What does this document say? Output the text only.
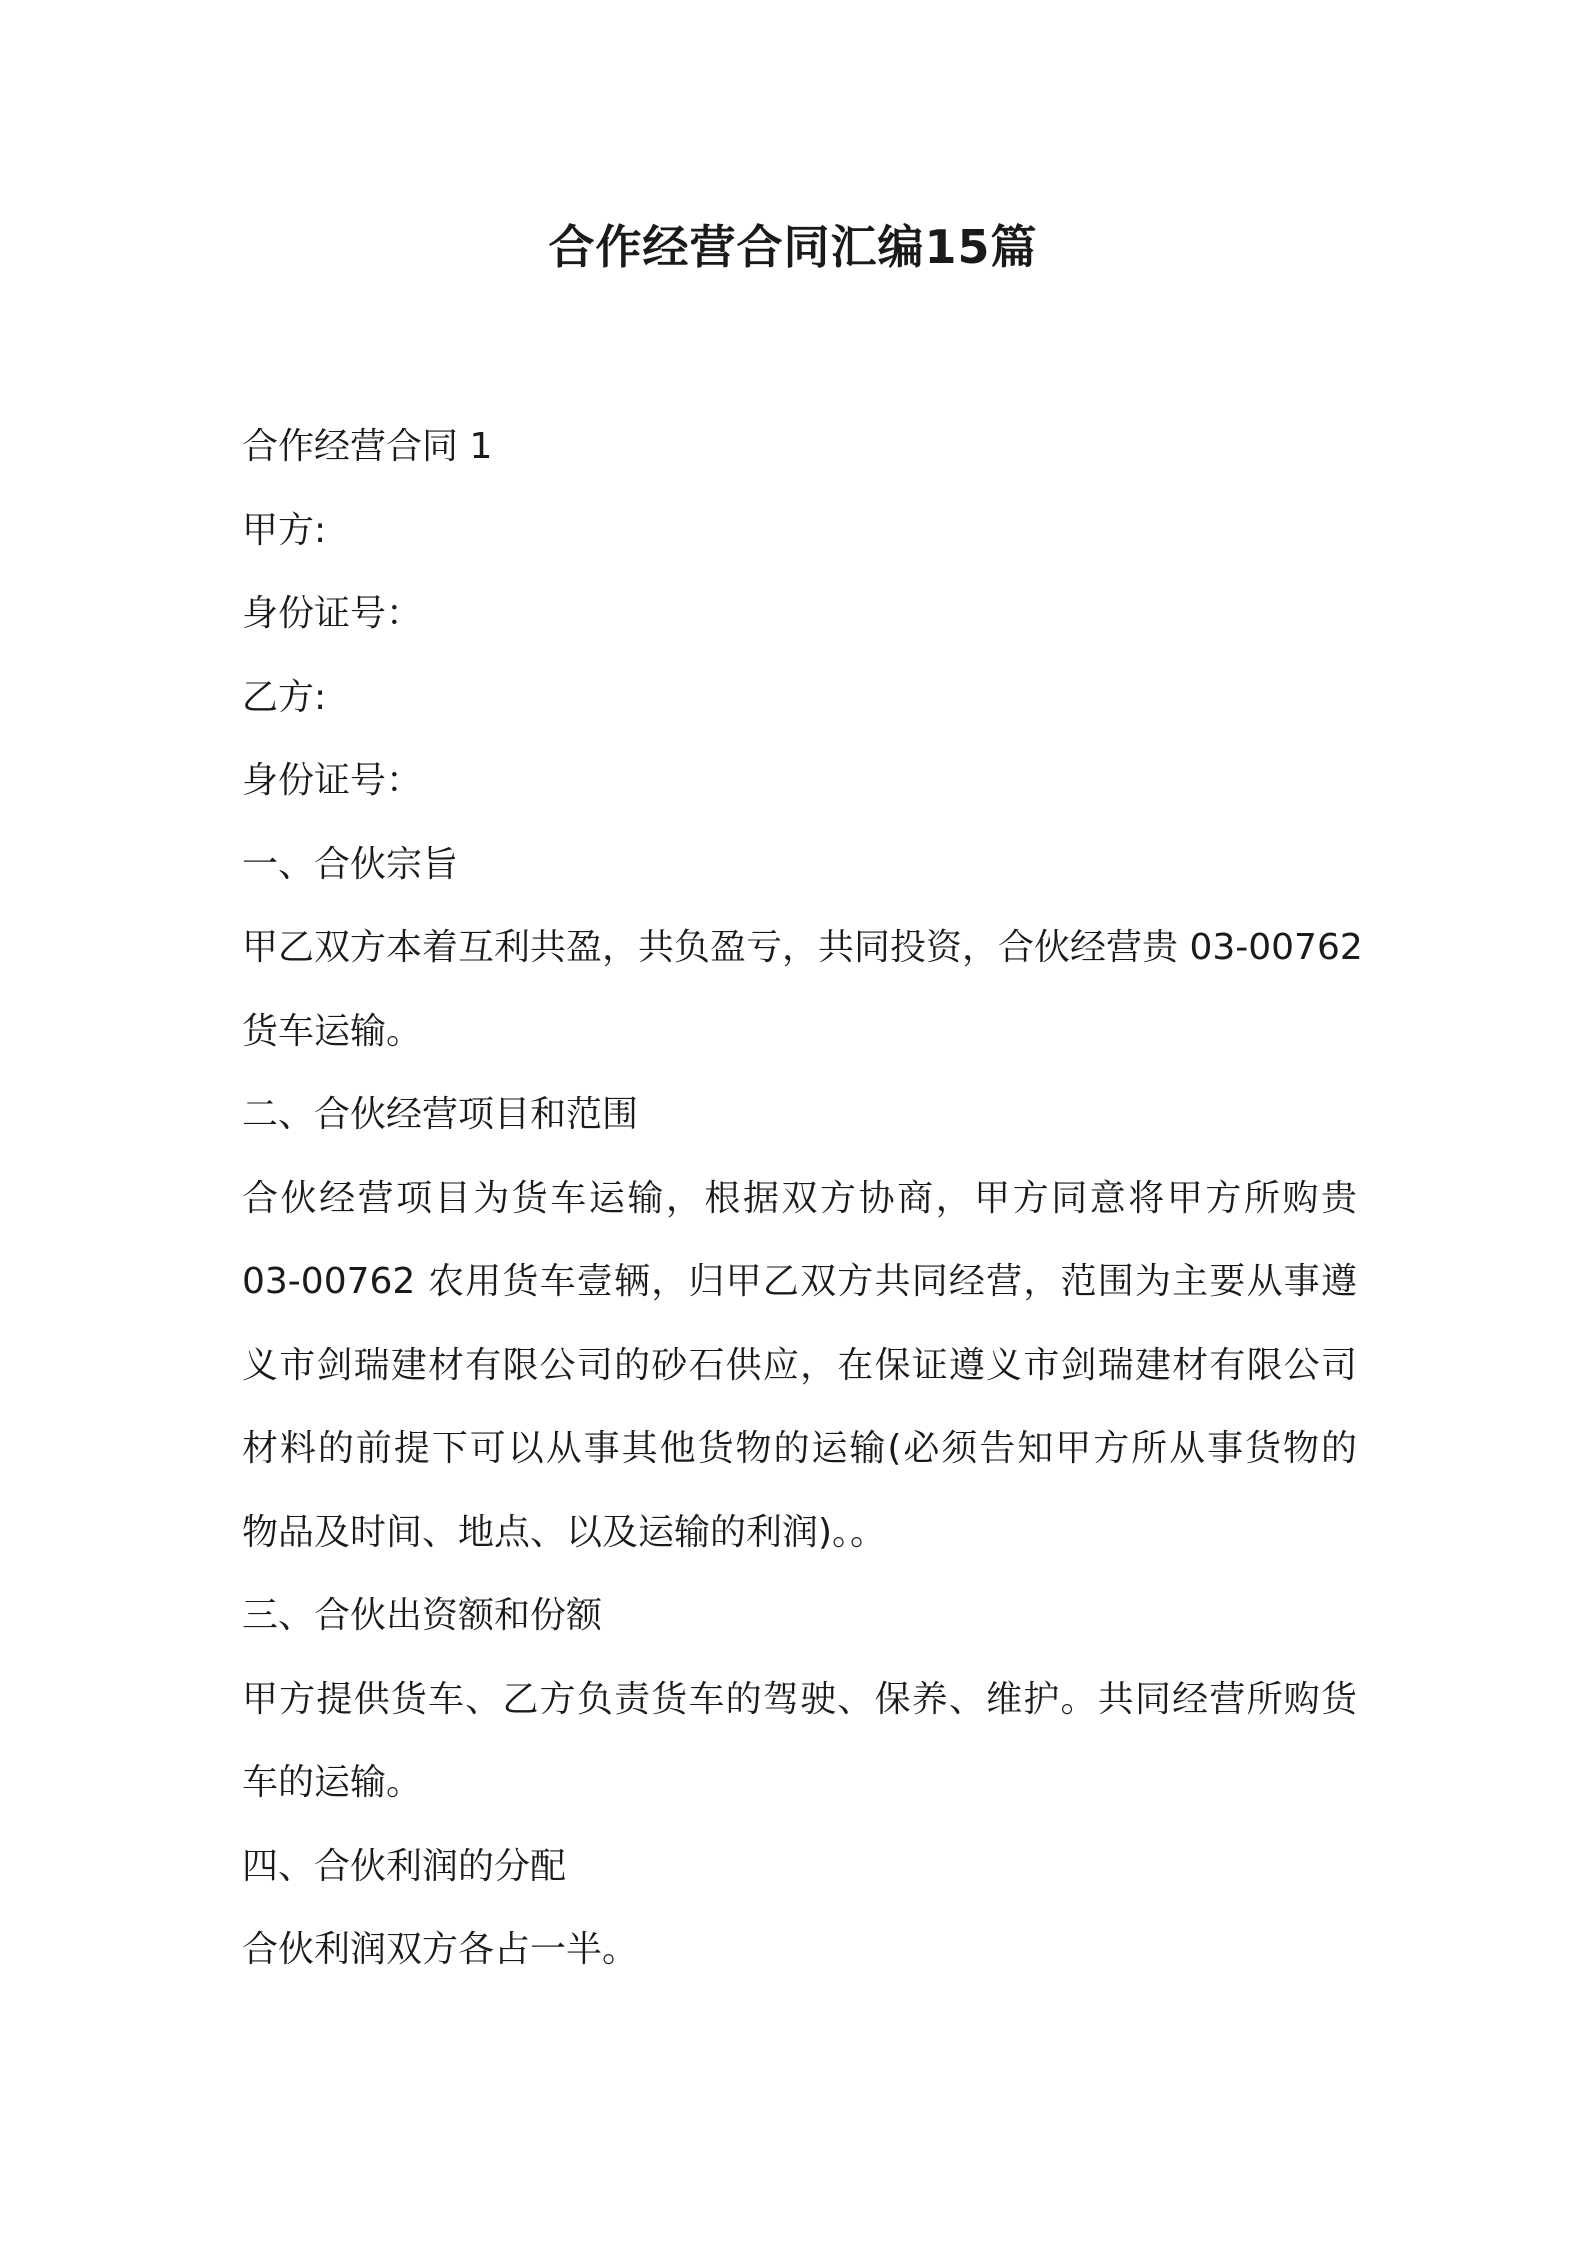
合作经营合同汇编15篇

合作经营合同 1

甲方:

身份证号：

乙方:

身份证号：

一、合伙宗旨

甲乙双方本着互利共盈，共负盈亏，共同投资，合伙经营贵 03-00762

货车运输。

二、合伙经营项目和范围

合伙经营项目为货车运输，根据双方协商，甲方同意将甲方所购贵

03-00762 农用货车壹辆，归甲乙双方共同经营，范围为主要从事遵

义市剑瑞建材有限公司的砂石供应，在保证遵义市剑瑞建材有限公司

材料的前提下可以从事其他货物的运输(必须告知甲方所从事货物的

物品及时间、地点、以及运输的利润)。。

三、合伙出资额和份额

甲方提供货车、乙方负责货车的驾驶、保养、维护。共同经营所购货

车的运输。

四、合伙利润的分配

合伙利润双方各占一半。
